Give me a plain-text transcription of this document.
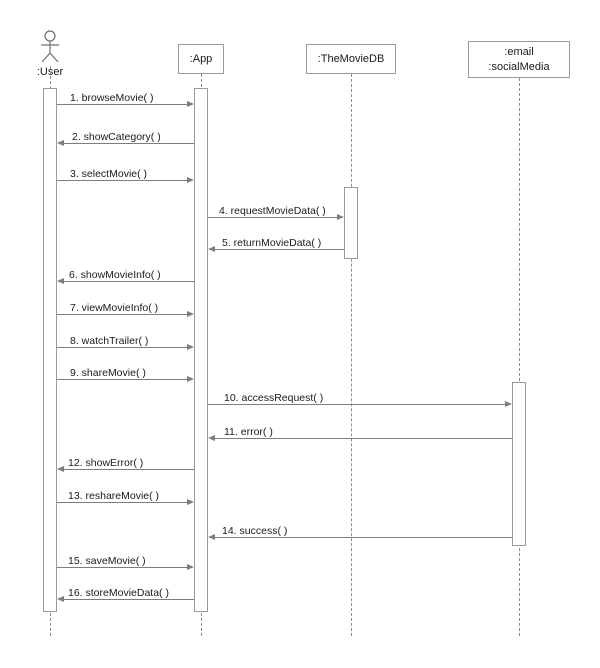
﻿:User
:App	:TheMovieDB
:email
:socialMedia
1. browseMovie( )
2. showCategory( )
3. selectMovie( )
4. requestMovieData( )
5. returnMovieData( )
6. showMovieInfo( )
7. viewMovieInfo( )
8. watchTrailer( )
9. shareMovie( )
10. accessRequest( )
11. error( )
12. showError( )
13. reshareMovie( )
14. success( )
15. saveMovie( )
16. storeMovieData( )
